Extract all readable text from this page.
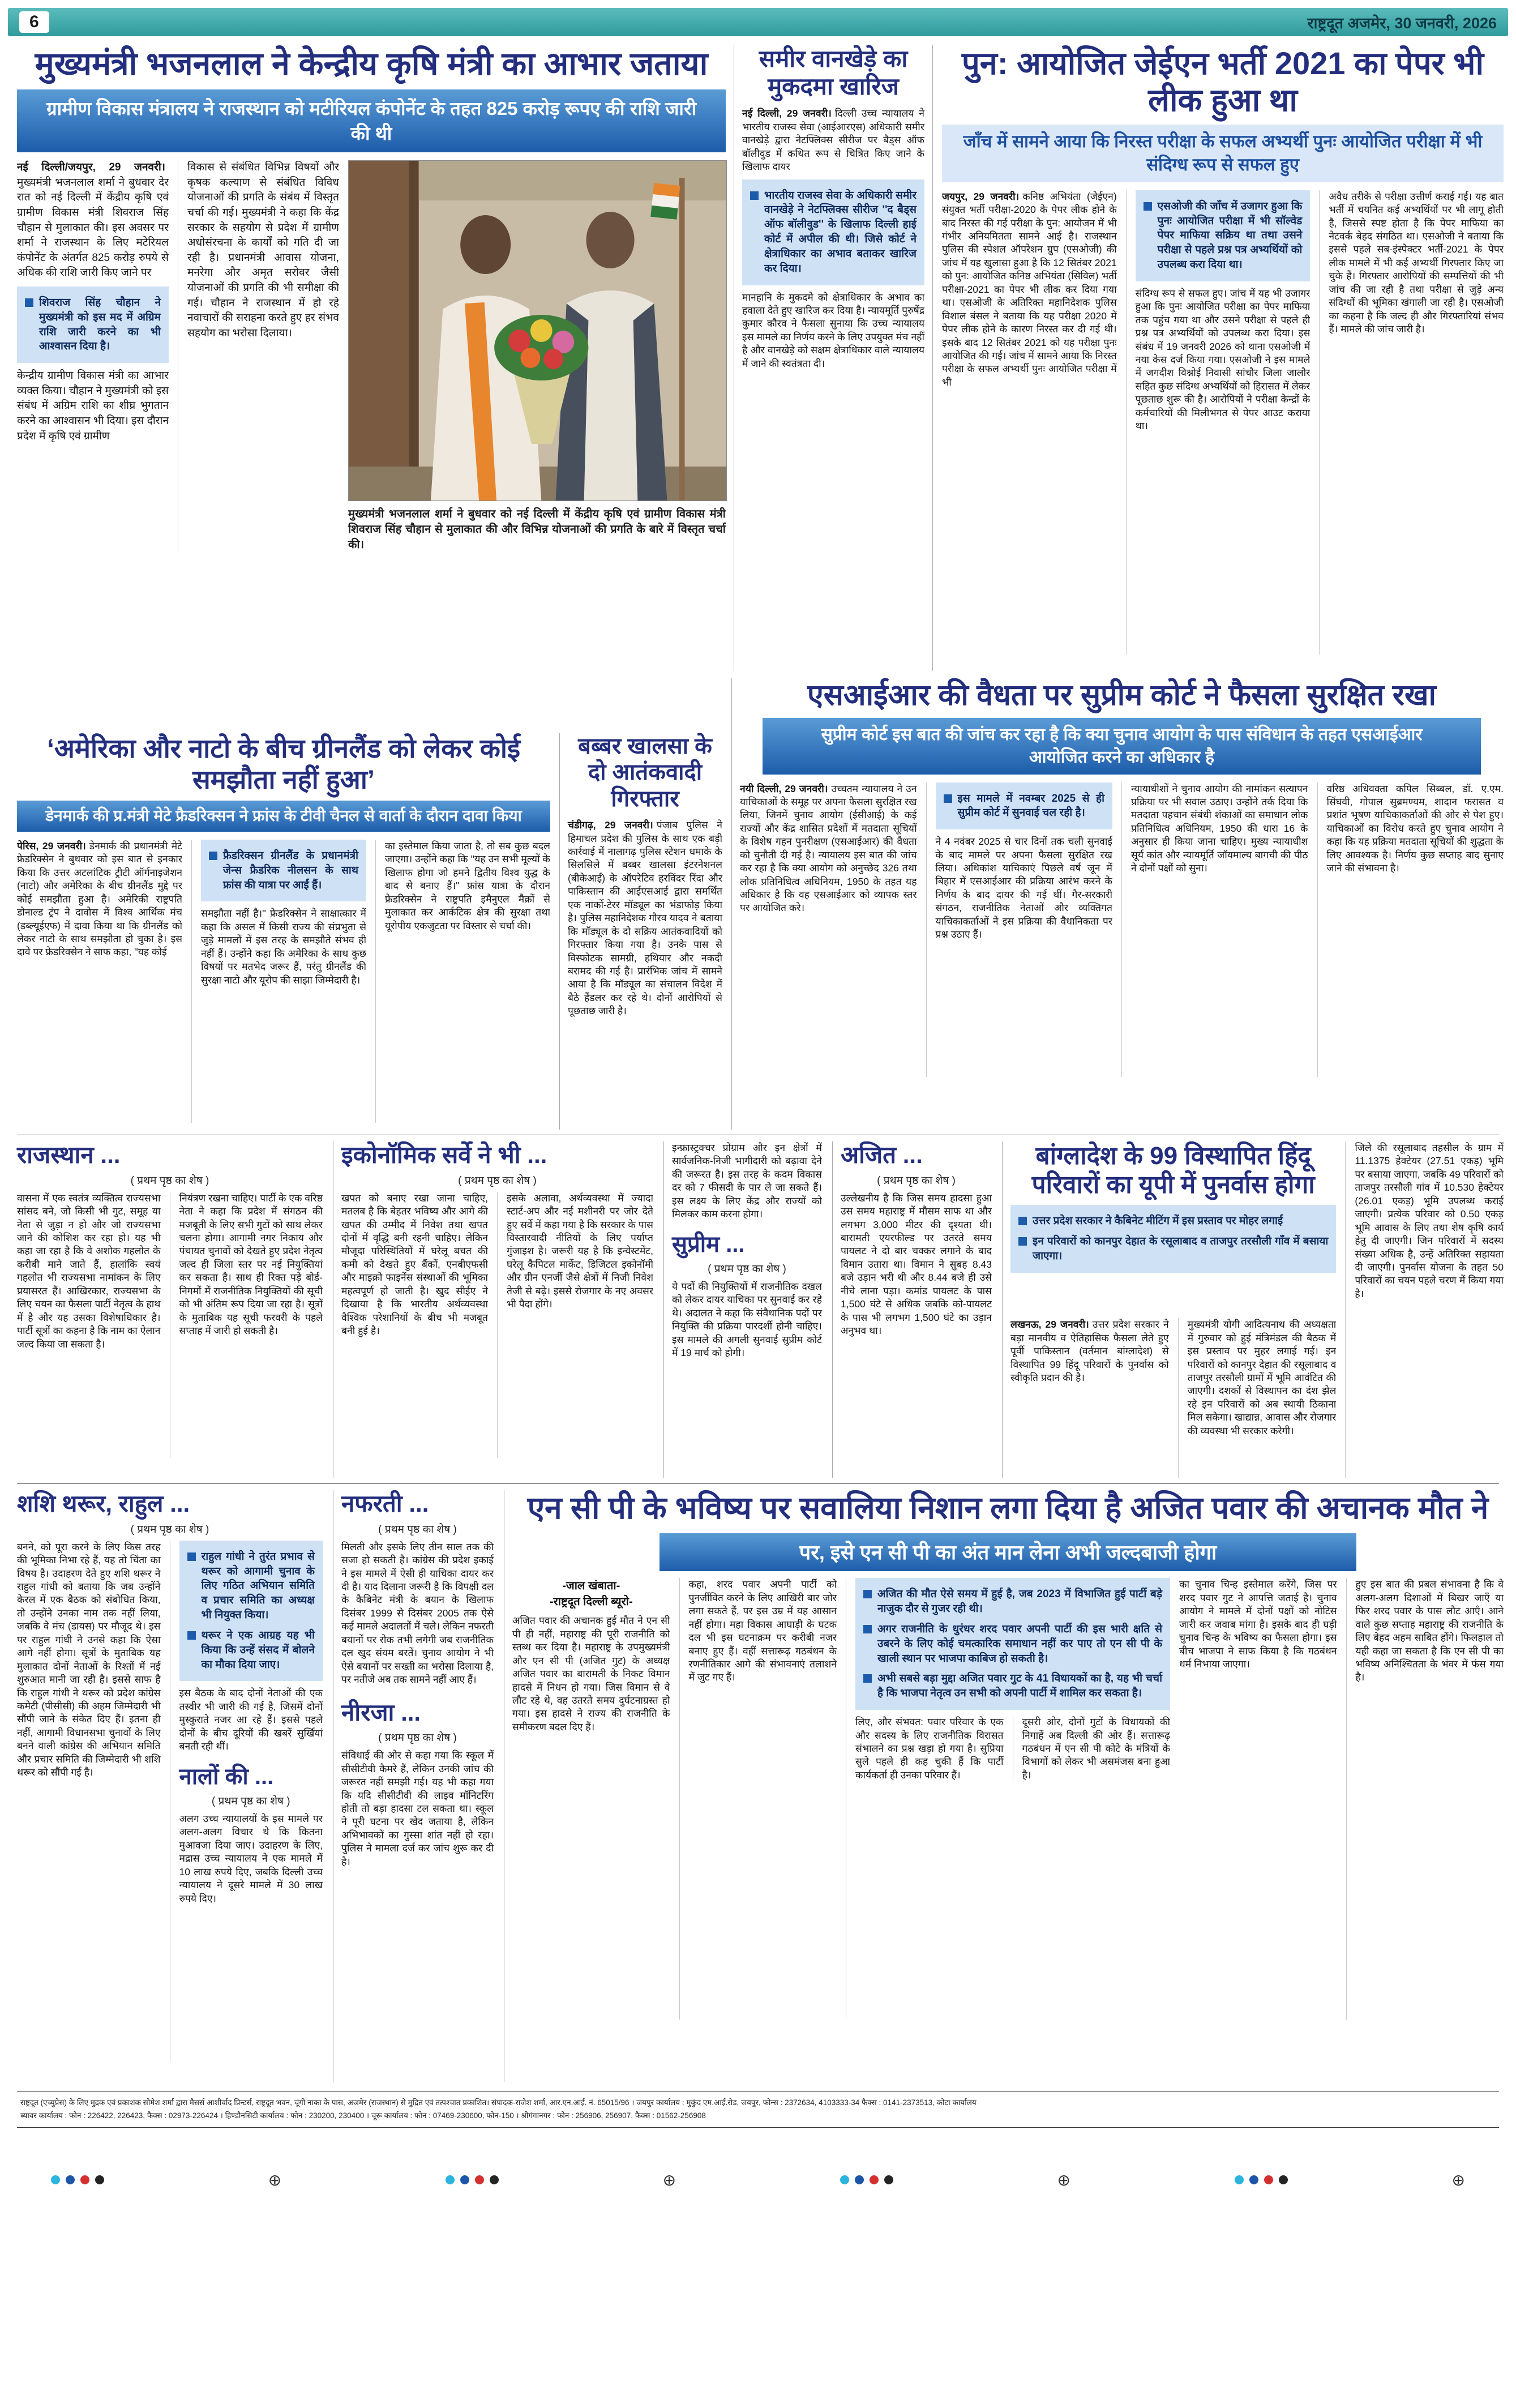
6	राष्ट्रदूत अजमेर, 30 जनवरी, 2026
मुख्यमंत्री भजनलाल ने केन्द्रीय कृषि मंत्री का आभार जताया
ग्रामीण विकास मंत्रालय ने राजस्थान को मटीरियल कंपोनेंट के तहत 825 करोड़ रूपए की राशि जारी की थी

नई दिल्ली/जयपुर, 29 जनवरी।मुख्यमंत्री भजनलाल शर्मा ने बुधवार देर रात को नई दिल्ली में केंद्रीय कृषि एवं ग्रामीण विकास मंत्री शिवराज सिंह चौहान से मुलाकात की। इस अवसर पर शर्मा ने राजस्थान के लिए मटेरियल कंपोनेंट के अंतर्गत 825 करोड़ रुपये से अधिक की राशि जारी किए जाने पर

शिवराज सिंह चौहान ने मुख्यमंत्री को इस मद में अग्रिम राशि जारी करने का भी आश्वासन दिया है।

केन्द्रीय ग्रामीण विकास मंत्री का आभार व्यक्त किया। चौहान ने मुख्यमंत्री को इस संबंध में अग्रिम राशि का शीघ्र भुगतान करने का आश्वासन भी दिया। इस दौरान प्रदेश में कृषि एवं ग्रामीण

विकास से संबंधित विभिन्न विषयों और कृषक कल्याण से संबंधित विविध योजनाओं की प्रगति के संबंध में विस्तृत चर्चा की गई। मुख्यमंत्री ने कहा कि केंद्र सरकार के सहयोग से प्रदेश में ग्रामीण अधोसंरचना के कार्यों को गति दी जा रही है। प्रधानमंत्री आवास योजना, मनरेगा और अमृत सरोवर जैसी योजनाओं की प्रगति की भी समीक्षा की गई। चौहान ने राजस्थान में हो रहे नवाचारों की सराहना करते हुए हर संभव सहयोग का भरोसा दिलाया।

मुख्यमंत्री भजनलाल शर्मा ने बुधवार को नई दिल्ली में केंद्रीय कृषि एवं ग्रामीण विकास मंत्री शिवराज सिंह चौहान से मुलाकात की और विभिन्न योजनाओं की प्रगति के बारे में विस्तृत चर्चा की।

समीर वानखेड़े का मुकदमा खारिज

नई दिल्ली, 29 जनवरी। दिल्ली उच्च न्यायालय ने भारतीय राजस्व सेवा (आईआरएस) अधिकारी समीर वानखेड़े द्वारा नेटफ्लिक्स सीरीज पर बैड्स ऑफ बॉलीवुड में कथित रूप से चित्रित किए जाने के खिलाफ दायर

भारतीय राजस्व सेवा के अधिकारी समीर वानखेड़े ने नेटफ्लिक्स सीरीज ''द बैड्स ऑफ बॉलीवुड'' के खिलाफ दिल्ली हाई कोर्ट में अपील की थी। जिसे कोर्ट ने क्षेत्राधिकार का अभाव बताकर खारिज कर दिया।

मानहानि के मुकदमे को क्षेत्राधिकार के अभाव का हवाला देते हुए खारिज कर दिया है। न्यायमूर्ति पुरुषेंद्र कुमार कौरव ने फैसला सुनाया कि उच्च न्यायालय इस मामले का निर्णय करने के लिए उपयुक्त मंच नहीं है और वानखेड़े को सक्षम क्षेत्राधिकार वाले न्यायालय में जाने की स्वतंत्रता दी।

पुन: आयोजित जेईएन भर्ती 2021 का पेपर भी लीक हुआ था
जाँच में सामने आया कि निरस्त परीक्षा के सफल अभ्यर्थी पुनः आयोजित परीक्षा में भी संदिग्ध रूप से सफल हुए

जयपुर, 29 जनवरी। कनिष्ठ अभियंता (जेईएन) संयुक्त भर्ती परीक्षा-2020 के पेपर लीक होने के बाद निरस्त की गई परीक्षा के पुन: आयोजन में भी गंभीर अनियमितता सामने आई है। राजस्थान पुलिस की स्पेशल ऑपरेशन ग्रुप (एसओजी) की जांच में यह खुलासा हुआ है कि 12 सितंबर 2021 को पुन: आयोजित कनिष्ठ अभियंता (सिविल) भर्ती परीक्षा-2021 का पेपर भी लीक कर दिया गया था। एसओजी के अतिरिक्त महानिदेशक पुलिस विशाल बंसल ने बताया कि यह परीक्षा 2020 में पेपर लीक होने के कारण निरस्त कर दी गई थी। इसके बाद 12 सितंबर 2021 को यह परीक्षा पुनः आयोजित की गई। जांच में सामने आया कि निरस्त परीक्षा के सफल अभ्यर्थी पुनः आयोजित परीक्षा में भी

एसओजी की जाँच में उजागर हुआ कि पुनः आयोजित परीक्षा में भी सॉल्वेड पेपर माफिया सक्रिय था तथा उसने परीक्षा से पहले प्रश्न पत्र अभ्यर्थियों को उपलब्ध करा दिया था।

संदिग्ध रूप से सफल हुए। जांच में यह भी उजागर हुआ कि पुनः आयोजित परीक्षा का पेपर माफिया तक पहुंच गया था और उसने परीक्षा से पहले ही प्रश्न पत्र अभ्यर्थियों को उपलब्ध करा दिया। इस संबंध में 19 जनवरी 2026 को थाना एसओजी में नया केस दर्ज किया गया। एसओजी ने इस मामले में जगदीश विश्नोई निवासी सांचौर जिला जालौर सहित कुछ संदिग्ध अभ्यर्थियों को हिरासत में लेकर पूछताछ शुरू की है। आरोपियों ने परीक्षा केन्द्रों के कर्मचारियों की मिलीभगत से पेपर आउट कराया था।

अवैध तरीके से परीक्षा उत्तीर्ण कराई गई। यह बात भर्ती में चयनित कई अभ्यर्थियों पर भी लागू होती है, जिससे स्पष्ट होता है कि पेपर माफिया का नेटवर्क बेहद संगठित था। एसओजी ने बताया कि इससे पहले सब-इंस्पेक्टर भर्ती-2021 के पेपर लीक मामले में भी कई अभ्यर्थी गिरफ्तार किए जा चुके हैं। गिरफ्तार आरोपियों की सम्पत्तियों की भी जांच की जा रही है तथा परीक्षा से जुड़े अन्य संदिग्धों की भूमिका खंगाली जा रही है। एसओजी का कहना है कि जल्द ही और गिरफ्तारियां संभव हैं। मामले की जांच जारी है।

एसआईआर की वैधता पर सुप्रीम कोर्ट ने फैसला सुरक्षित रखा
सुप्रीम कोर्ट इस बात की जांच कर रहा है कि क्या चुनाव आयोग के पास संविधान के तहत एसआईआर आयोजित करने का अधिकार है

नयी दिल्ली, 29 जनवरी। उच्चतम न्यायालय ने उन याचिकाओं के समूह पर अपना फैसला सुरक्षित रख लिया, जिनमें चुनाव आयोग (ईसीआई) के कई राज्यों और केंद्र शासित प्रदेशों में मतदाता सूचियों के विशेष गहन पुनरीक्षण (एसआईआर) की वैधता को चुनौती दी गई है। न्यायालय इस बात की जांच कर रहा है कि क्या आयोग को अनुच्छेद 326 तथा लोक प्रतिनिधित्व अधिनियम, 1950 के तहत यह अधिकार है कि वह एसआईआर को व्यापक स्तर पर आयोजित करे।

इस मामले में नवम्बर 2025 से ही सुप्रीम कोर्ट में सुनवाई चल रही है।

ने 4 नवंबर 2025 से चार दिनों तक चली सुनवाई के बाद मामले पर अपना फैसला सुरक्षित रख लिया। अधिकांश याचिकाएं पिछले वर्ष जून में बिहार में एसआईआर की प्रक्रिया आरंभ करने के निर्णय के बाद दायर की गई थीं। गैर-सरकारी संगठन, राजनीतिक नेताओं और व्यक्तिगत याचिकाकर्ताओं ने इस प्रक्रिया की वैधानिकता पर प्रश्न उठाए हैं।

न्यायाधीशों ने चुनाव आयोग की नामांकन सत्यापन प्रक्रिया पर भी सवाल उठाए। उन्होंने तर्क दिया कि मतदाता पहचान संबंधी शंकाओं का समाधान लोक प्रतिनिधित्व अधिनियम, 1950 की धारा 16 के अनुसार ही किया जाना चाहिए। मुख्य न्यायाधीश सूर्य कांत और न्यायमूर्ति जॉयमाल्य बागची की पीठ ने दोनों पक्षों को सुना।

वरिष्ठ अधिवक्ता कपिल सिब्बल, डॉ. ए.एम. सिंघवी, गोपाल सुब्रमण्यम, शादान फरासत व प्रशांत भूषण याचिकाकर्ताओं की ओर से पेश हुए। याचिकाओं का विरोध करते हुए चुनाव आयोग ने कहा कि यह प्रक्रिया मतदाता सूचियों की शुद्धता के लिए आवश्यक है। निर्णय कुछ सप्ताह बाद सुनाए जाने की संभावना है।

‘अमेरिका और नाटो के बीच ग्रीनलैंड को लेकर कोई समझौता नहीं हुआ’
डेनमार्क की प्र.मंत्री मेटे फ्रैडरिक्सन ने फ्रांस के टीवी चैनल से वार्ता के दौरान दावा किया

पेरिस, 29 जनवरी। डेनमार्क की प्रधानमंत्री मेटे फ्रेडरिक्सेन ने बुधवार को इस बात से इनकार किया कि उत्तर अटलांटिक ट्रीटी ऑर्गनाइजेशन (नाटो) और अमेरिका के बीच ग्रीनलैंड मुद्दे पर कोई समझौता हुआ है। अमेरिकी राष्ट्रपति डोनाल्ड ट्रंप ने दावोस में विश्व आर्थिक मंच (डब्ल्यूईएफ) में दावा किया था कि ग्रीनलैंड को लेकर नाटो के साथ समझौता हो चुका है। इस दावे पर फ्रेडरिक्सेन ने साफ कहा, ''यह कोई

फ्रैडरिक्सन ग्रीनलैंड के प्रधानमंत्री जेन्स फ्रैडरिक नीलसन के साथ फ्रांस की यात्रा पर आईं हैं।

समझौता नहीं है।'' फ्रेडरिक्सेन ने साक्षात्कार में कहा कि असल में किसी राज्य की संप्रभुता से जुड़े मामलों में इस तरह के समझौते संभव ही नहीं हैं। उन्होंने कहा कि अमेरिका के साथ कुछ विषयों पर मतभेद जरूर हैं, परंतु ग्रीनलैंड की सुरक्षा नाटो और यूरोप की साझा जिम्मेदारी है।

का इस्तेमाल किया जाता है, तो सब कुछ बदल जाएगा। उन्होंने कहा कि ''यह उन सभी मूल्यों के खिलाफ होगा जो हमने द्वितीय विश्व युद्ध के बाद से बनाए हैं।'' फ्रांस यात्रा के दौरान फ्रेडरिक्सेन ने राष्ट्रपति इमैनुएल मैक्रों से मुलाकात कर आर्कटिक क्षेत्र की सुरक्षा तथा यूरोपीय एकजुटता पर विस्तार से चर्चा की।

बब्बर खालसा के दो आतंकवादी गिरफ्तार

चंडीगढ़, 29 जनवरी। पंजाब पुलिस ने हिमाचल प्रदेश की पुलिस के साथ एक बड़ी कार्रवाई में नालागढ़ पुलिस स्टेशन धमाके के सिलसिले में बब्बर खालसा इंटरनेशनल (बीकेआई) के ऑपरेटिव हरविंदर रिंदा और पाकिस्तान की आईएसआई द्वारा समर्थित एक नार्को-टेरर मॉड्यूल का भंडाफोड़ किया है। पुलिस महानिदेशक गौरव यादव ने बताया कि मॉड्यूल के दो सक्रिय आतंकवादियों को गिरफ्तार किया गया है। उनके पास से विस्फोटक सामग्री, हथियार और नकदी बरामद की गई है। प्रारंभिक जांच में सामने आया है कि मॉड्यूल का संचालन विदेश में बैठे हैंडलर कर रहे थे। दोनों आरोपियों से पूछताछ जारी है।

राजस्थान ...

( प्रथम पृष्ठ का शेष )

वासना में एक स्वतंत्र व्यक्तित्व राज्यसभा सांसद बने, जो किसी भी गुट, समूह या नेता से जुड़ा न हो और जो राज्यसभा जाने की कोशिश कर रहा हो। यह भी कहा जा रहा है कि वे अशोक गहलोत के करीबी माने जाते हैं, हालांकि स्वयं गहलोत भी राज्यसभा नामांकन के लिए प्रयासरत हैं। आखिरकार, राज्यसभा के लिए चयन का फैसला पार्टी नेतृत्व के हाथ में है और यह उसका विशेषाधिकार है। पार्टी सूत्रों का कहना है कि नाम का ऐलान जल्द किया जा सकता है।

नियंत्रण रखना चाहिए। पार्टी के एक वरिष्ठ नेता ने कहा कि प्रदेश में संगठन की मजबूती के लिए सभी गुटों को साथ लेकर चलना होगा। आगामी नगर निकाय और पंचायत चुनावों को देखते हुए प्रदेश नेतृत्व जल्द ही जिला स्तर पर नई नियुक्तियां कर सकता है। साथ ही रिक्त पड़े बोर्ड-निगमों में राजनीतिक नियुक्तियों की सूची को भी अंतिम रूप दिया जा रहा है। सूत्रों के मुताबिक यह सूची फरवरी के पहले सप्ताह में जारी हो सकती है।

इकोनॉमिक सर्वे ने भी ...

( प्रथम पृष्ठ का शेष )

खपत को बनाए रखा जाना चाहिए, मतलब है कि बेहतर भविष्य और आगे की खपत की उम्मीद में निवेश तथा खपत दोनों में वृद्धि बनी रहनी चाहिए। लेकिन मौजूदा परिस्थितियों में घरेलू बचत की कमी को देखते हुए बैंकों, एनबीएफसी और माइक्रो फाइनेंस संस्थाओं की भूमिका महत्वपूर्ण हो जाती है। खुद सीईए ने दिखाया है कि भारतीय अर्थव्यवस्था वैश्विक परेशानियों के बीच भी मजबूत बनी हुई है।

इसके अलावा, अर्थव्यवस्था में ज्यादा स्टार्ट-अप और नई मशीनरी पर जोर देते हुए सर्वे में कहा गया है कि सरकार के पास विस्तारवादी नीतियों के लिए पर्याप्त गुंजाइश है। जरूरी यह है कि इन्वेस्टमेंट, घरेलू कैपिटल मार्केट, डिजिटल इकोनॉमी और ग्रीन एनर्जी जैसे क्षेत्रों में निजी निवेश तेजी से बढ़े। इससे रोजगार के नए अवसर भी पैदा होंगे।

इन्फ्रास्ट्रक्चर प्रोग्राम और इन क्षेत्रों में सार्वजनिक-निजी भागीदारी को बढ़ावा देने की जरूरत है। इस तरह के कदम विकास दर को 7 फीसदी के पार ले जा सकते हैं। इस लक्ष्य के लिए केंद्र और राज्यों को मिलकर काम करना होगा।

सुप्रीम ...

( प्रथम पृष्ठ का शेष )

ये पदों की नियुक्तियों में राजनीतिक दखल को लेकर दायर याचिका पर सुनवाई कर रहे थे। अदालत ने कहा कि संवैधानिक पदों पर नियुक्ति की प्रक्रिया पारदर्शी होनी चाहिए। इस मामले की अगली सुनवाई सुप्रीम कोर्ट में 19 मार्च को होगी।

अजित ...

( प्रथम पृष्ठ का शेष )

उल्लेखनीय है कि जिस समय हादसा हुआ उस समय महाराष्ट्र में मौसम साफ था और लगभग 3,000 मीटर की दृश्यता थी। बारामती एयरफील्ड पर उतरते समय पायलट ने दो बार चक्कर लगाने के बाद विमान उतारा था। विमान ने सुबह 8.43 बजे उड़ान भरी थी और 8.44 बजे ही उसे नीचे लाना पड़ा। कमांड पायलट के पास 1,500 घंटे से अधिक जबकि को-पायलट के पास भी लगभग 1,500 घंटे का उड़ान अनुभव था।

बांग्लादेश के 99 विस्थापित हिंदू परिवारों का यूपी में पुनर्वास होगा
उत्तर प्रदेश सरकार ने कैबिनेट मीटिंग में इस प्रस्ताव पर मोहर लगाई
इन परिवारों को कानपुर देहात के रसूलाबाद व ताजपुर तरसौली गाँव में बसाया जाएगा।

लखनऊ, 29 जनवरी। उत्तर प्रदेश सरकार ने बड़ा मानवीय व ऐतिहासिक फैसला लेते हुए पूर्वी पाकिस्तान (वर्तमान बांग्लादेश) से विस्थापित 99 हिंदू परिवारों के पुनर्वास को स्वीकृति प्रदान की है।

मुख्यमंत्री योगी आदित्यनाथ की अध्यक्षता में गुरुवार को हुई मंत्रिमंडल की बैठक में इस प्रस्ताव पर मुहर लगाई गई। इन परिवारों को कानपुर देहात की रसूलाबाद व ताजपुर तरसौली ग्रामों में भूमि आवंटित की जाएगी। दशकों से विस्थापन का दंश झेल रहे इन परिवारों को अब स्थायी ठिकाना मिल सकेगा। खाद्यान्न, आवास और रोजगार की व्यवस्था भी सरकार करेगी।

जिले की रसूलाबाद तहसील के ग्राम में 11.1375 हेक्टेयर (27.51 एकड़) भूमि पर बसाया जाएगा, जबकि 49 परिवारों को ताजपुर तरसौली गांव में 10.530 हेक्टेयर (26.01 एकड़) भूमि उपलब्ध कराई जाएगी। प्रत्येक परिवार को 0.50 एकड़ भूमि आवास के लिए तथा शेष कृषि कार्य हेतु दी जाएगी। जिन परिवारों में सदस्य संख्या अधिक है, उन्हें अतिरिक्त सहायता दी जाएगी। पुनर्वास योजना के तहत 50 परिवारों का चयन पहले चरण में किया गया है।

शशि थरूर, राहुल ...

( प्रथम पृष्ठ का शेष )

बनने, को पूरा करने के लिए किस तरह की भूमिका निभा रहे हैं, यह तो चिंता का विषय है। उदाहरण देते हुए शशि थरूर ने राहुल गांधी को बताया कि जब उन्होंने केरल में एक बैठक को संबोधित किया, तो उन्होंने उनका नाम तक नहीं लिया, जबकि वे मंच (डायस) पर मौजूद थे। इस पर राहुल गांधी ने उनसे कहा कि ऐसा आगे नहीं होगा। सूत्रों के मुताबिक यह मुलाकात दोनों नेताओं के रिश्तों में नई शुरुआत मानी जा रही है। इससे साफ है कि राहुल गांधी ने थरूर को प्रदेश कांग्रेस कमेटी (पीसीसी) की अहम जिम्मेदारी भी सौंपी जाने के संकेत दिए हैं। इतना ही नहीं, आगामी विधानसभा चुनावों के लिए बनने वाली कांग्रेस की अभियान समिति और प्रचार समिति की जिम्मेदारी भी शशि थरूर को सौंपी गई है।

राहुल गांधी ने तुरंत प्रभाव से थरूर को आगामी चुनाव के लिए गठित अभियान समिति व प्रचार समिति का अध्यक्ष भी नियुक्त किया।
थरूर ने एक आग्रह यह भी किया कि उन्हें संसद में बोलने का मौका दिया जाए।

इस बैठक के बाद दोनों नेताओं की एक तस्वीर भी जारी की गई है, जिसमें दोनों मुस्कुराते नजर आ रहे हैं। इससे पहले दोनों के बीच दूरियों की खबरें सुर्खियां बनती रही थीं।

नालों की ...

( प्रथम पृष्ठ का शेष )

अलग उच्च न्यायालयों के इस मामले पर अलग-अलग विचार थे कि कितना मुआवजा दिया जाए। उदाहरण के लिए, मद्रास उच्च न्यायालय ने एक मामले में 10 लाख रुपये दिए, जबकि दिल्ली उच्च न्यायालय ने दूसरे मामले में 30 लाख रुपये दिए।

नफरती ...

( प्रथम पृष्ठ का शेष )

मिलती और इसके लिए तीन साल तक की सजा हो सकती है। कांग्रेस की प्रदेश इकाई ने इस मामले में ऐसी ही याचिका दायर कर दी है। याद दिलाना जरूरी है कि विपक्षी दल के कैबिनेट मंत्री के बयान के खिलाफ दिसंबर 1999 से दिसंबर 2005 तक ऐसे कई मामले अदालतों में चले। लेकिन नफरती बयानों पर रोक तभी लगेगी जब राजनीतिक दल खुद संयम बरतें। चुनाव आयोग ने भी ऐसे बयानों पर सख्ती का भरोसा दिलाया है, पर नतीजे अब तक सामने नहीं आए हैं।

नीरजा ...

( प्रथम पृष्ठ का शेष )

संविधाई की ओर से कहा गया कि स्कूल में सीसीटीवी कैमरे हैं, लेकिन उनकी जांच की जरूरत नहीं समझी गई। यह भी कहा गया कि यदि सीसीटीवी की लाइव मॉनिटरिंग होती तो बड़ा हादसा टल सकता था। स्कूल ने पूरी घटना पर खेद जताया है, लेकिन अभिभावकों का गुस्सा शांत नहीं हो रहा। पुलिस ने मामला दर्ज कर जांच शुरू कर दी है।

एन सी पी के भविष्य पर सवालिया निशान लगा दिया है अजित पवार की अचानक मौत ने
पर, इसे एन सी पी का अंत मान लेना अभी जल्दबाजी होगा

-जाल खंबाता-
-राष्ट्रदूत दिल्ली ब्यूरो-

अजित पवार की अचानक हुई मौत ने एन सी पी ही नहीं, महाराष्ट्र की पूरी राजनीति को स्तब्ध कर दिया है। महाराष्ट्र के उपमुख्यमंत्री और एन सी पी (अजित गुट) के अध्यक्ष अजित पवार का बारामती के निकट विमान हादसे में निधन हो गया। जिस विमान से वे लौट रहे थे, वह उतरते समय दुर्घटनाग्रस्त हो गया। इस हादसे ने राज्य की राजनीति के समीकरण बदल दिए हैं।

कहा, शरद पवार अपनी पार्टी को पुनर्जीवित करने के लिए आखिरी बार जोर लगा सकते हैं, पर इस उम्र में यह आसान नहीं होगा। महा विकास आघाड़ी के घटक दल भी इस घटनाक्रम पर करीबी नजर बनाए हुए हैं। वहीं सत्तारूढ़ गठबंधन के रणनीतिकार आगे की संभावनाएं तलाशने में जुट गए हैं।

अजित की मौत ऐसे समय में हुई है, जब 2023 में विभाजित हुई पार्टी बड़े नाजुक दौर से गुजर रही थी।
अगर राजनीति के धुरंधर शरद पवार अपनी पार्टी की इस भारी क्षति से उबरने के लिए कोई चमत्कारिक समाधान नहीं कर पाए तो एन सी पी के खाली स्थान पर भाजपा काबिज हो सकती है।
अभी सबसे बड़ा मुद्दा अजित पवार गुट के 41 विधायकों का है, यह भी चर्चा है कि भाजपा नेतृत्व उन सभी को अपनी पार्टी में शामिल कर सकता है।

लिए, और संभवत: पवार परिवार के एक और सदस्य के लिए राजनीतिक विरासत संभालने का प्रश्न खड़ा हो गया है। सुप्रिया सुले पहले ही कह चुकी हैं कि पार्टी कार्यकर्ता ही उनका परिवार हैं।

दूसरी ओर, दोनों गुटों के विधायकों की निगाहें अब दिल्ली की ओर हैं। सत्तारूढ़ गठबंधन में एन सी पी कोटे के मंत्रियों के विभागों को लेकर भी असमंजस बना हुआ है।

का चुनाव चिन्ह इस्तेमाल करेंगे, जिस पर शरद पवार गुट ने आपत्ति जताई है। चुनाव आयोग ने मामले में दोनों पक्षों को नोटिस जारी कर जवाब मांगा है। इसके बाद ही घड़ी चुनाव चिन्ह के भविष्य का फैसला होगा। इस बीच भाजपा ने साफ किया है कि गठबंधन धर्म निभाया जाएगा।

हुए इस बात की प्रबल संभावना है कि वे अलग-अलग दिशाओं में बिखर जाएँ या फिर शरद पवार के पास लौट आएँ। आने वाले कुछ सप्ताह महाराष्ट्र की राजनीति के लिए बेहद अहम साबित होंगे। फिलहाल तो यही कहा जा सकता है कि एन सी पी का भविष्य अनिश्चितता के भंवर में फंस गया है।

राष्ट्रदूत (एच्युप्रेस) के लिए मुद्रक एवं प्रकाशक सोमेश शर्मा द्वारा मैसर्स आशीर्वाद प्रिन्टर्स, राष्ट्रदूत भवन, चूंगी नाका के पास, अजमेर (राजस्थान) से मुद्रित एवं तत्पश्चात प्रकाशित। संपादक-राजेश शर्मा, आर.एन.आई. नं. 65015/96 । जयपुर कार्यालय : मुकुंद एम.आई.रोड, जयपुर, फोन्स : 2372634, 4103333-34 फैक्स : 0141-2373513, कोटा कार्यालय

ब्यावर कार्यालय : फोन : 226422, 226423, फैक्स : 02973-226424 । हिण्डौनसिटी कार्यालय : फोन : 230200, 230400 । चूरू कार्यालय : फोन : 07469-230600, फोन-150 । श्रीगंगानगर : फोन : 256906, 256907, फैक्स : 01562-256908

⊕	⊕	⊕	⊕
